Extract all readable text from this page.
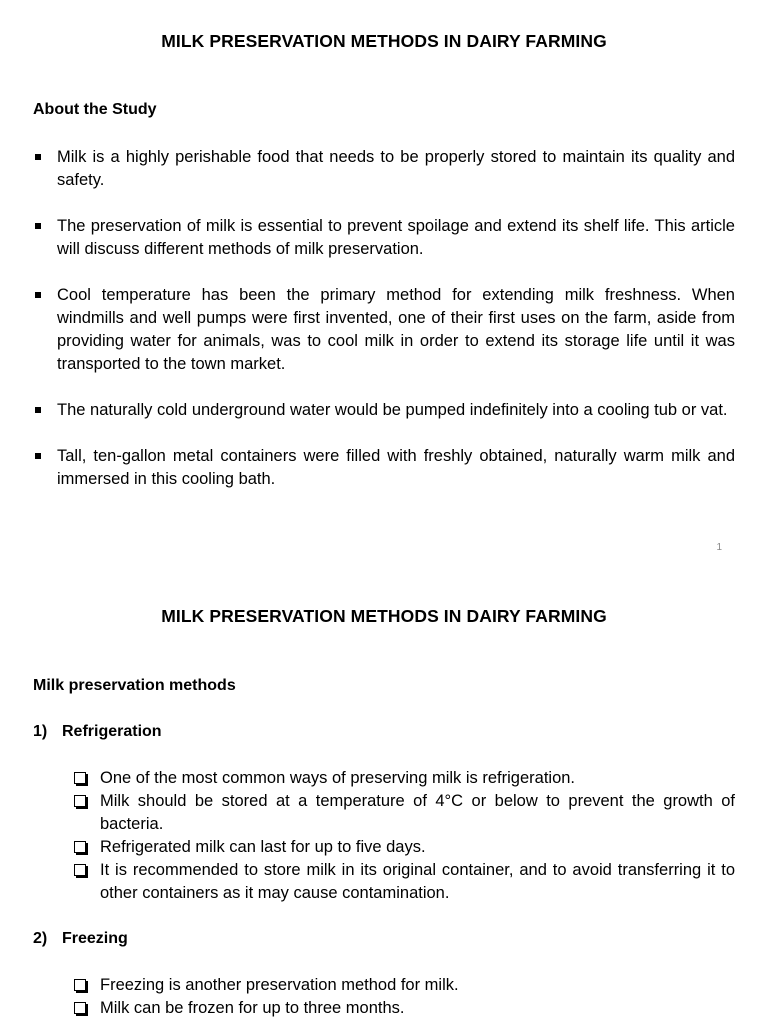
MILK PRESERVATION METHODS IN DAIRY FARMING
About the Study
Milk is a highly perishable food that needs to be properly stored to maintain its quality and safety.
The preservation of milk is essential to prevent spoilage and extend its shelf life. This article will discuss different methods of milk preservation.
Cool temperature has been the primary method for extending milk freshness. When windmills and well pumps were first invented, one of their first uses on the farm, aside from providing water for animals, was to cool milk in order to extend its storage life until it was transported to the town market.
The naturally cold underground water would be pumped indefinitely into a cooling tub or vat.
Tall, ten-gallon metal containers were filled with freshly obtained, naturally warm milk and immersed in this cooling bath.
1
MILK PRESERVATION METHODS IN DAIRY FARMING
Milk preservation methods
1) Refrigeration
One of the most common ways of preserving milk is refrigeration.
Milk should be stored at a temperature of 4°C or below to prevent the growth of bacteria.
Refrigerated milk can last for up to five days.
It is recommended to store milk in its original container, and to avoid transferring it to other containers as it may cause contamination.
2) Freezing
Freezing is another preservation method for milk.
Milk can be frozen for up to three months.
